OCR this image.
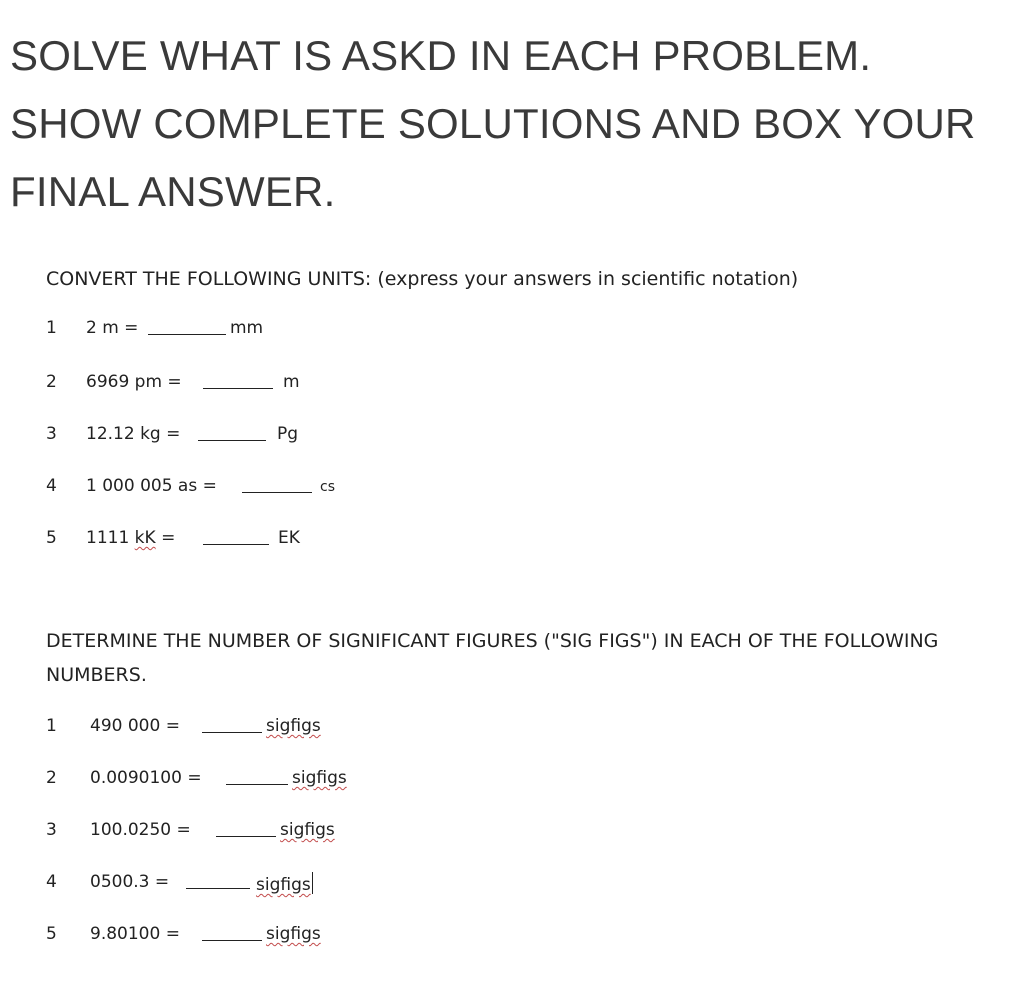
SOLVE WHAT IS ASKD IN EACH PROBLEM.
SHOW COMPLETE SOLUTIONS AND BOX YOUR
FINAL ANSWER.

CONVERT THE FOLLOWING UNITS: (express your answers in scientific notation)

1 2 m =	mm
2 6969 pm =	m
3 12.12 kg =	Pg
4 1 000 005 as =	cs
5 1111 kK =	EK

DETERMINE THE NUMBER OF SIGNIFICANT FIGURES ("SIG FIGS") IN EACH OF THE FOLLOWING

NUMBERS.

1 490 000 =	sigfigs
2 0.0090100 =	sigfigs
3 100.0250 =	sigfigs
4 0500.3 =	sigfigs
5 9.80100 =	sigfigs
